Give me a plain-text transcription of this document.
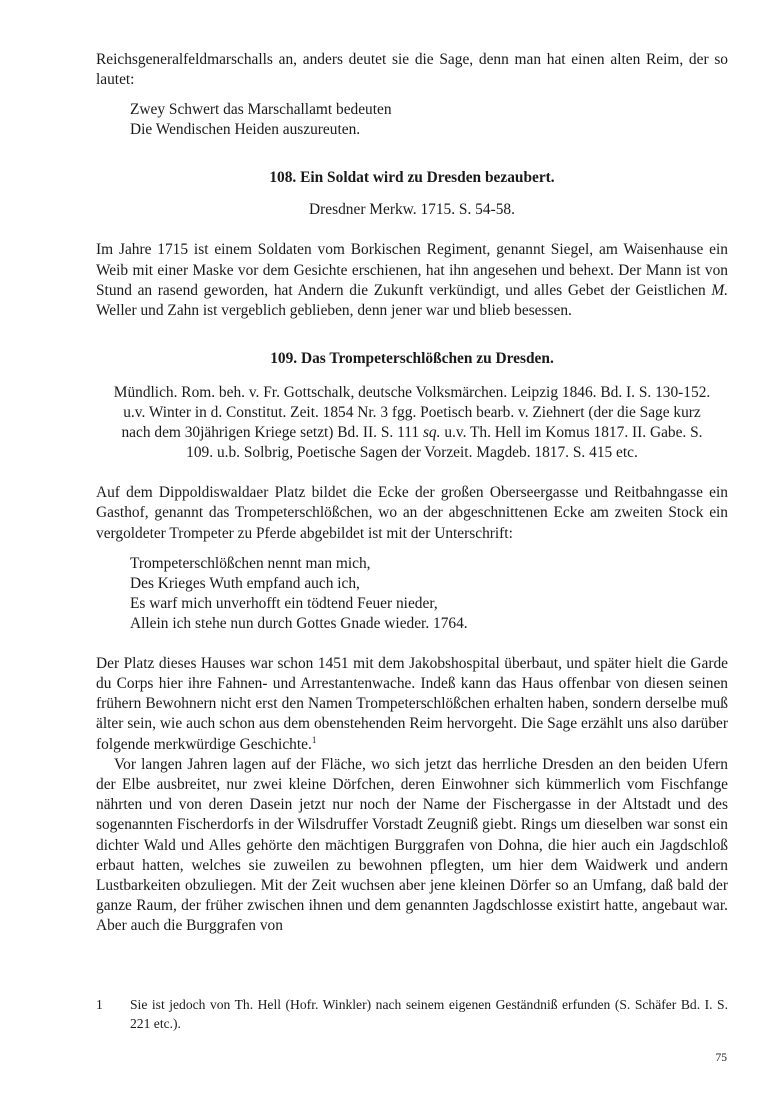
Reichsgeneralfeldmarschalls an, anders deutet sie die Sage, denn man hat einen alten Reim, der so lautet:

Zwey Schwert das Marschallamt bedeuten
Die Wendischen Heiden auszureuten.
108. Ein Soldat wird zu Dresden bezaubert.
Dresdner Merkw. 1715. S. 54-58.

Im Jahre 1715 ist einem Soldaten vom Borkischen Regiment, genannt Siegel, am Waisenhause ein Weib mit einer Maske vor dem Gesichte erschienen, hat ihn angesehen und behext. Der Mann ist von Stund an rasend geworden, hat Andern die Zukunft verkündigt, und alles Gebet der Geistlichen M. Weller und Zahn ist vergeblich geblieben, denn jener war und blieb besessen.

109. Das Trompeterschlößchen zu Dresden.
Mündlich. Rom. beh. v. Fr. Gottschalk, deutsche Volksmärchen. Leipzig 1846. Bd. I. S. 130-152. u.v. Winter in d. Constitut. Zeit. 1854 Nr. 3 fgg. Poetisch bearb. v. Ziehnert (der die Sage kurz nach dem 30jährigen Kriege setzt) Bd. II. S. 111 sq. u.v. Th. Hell im Komus 1817. II. Gabe. S. 109. u.b. Solbrig, Poetische Sagen der Vorzeit. Magdeb. 1817. S. 415 etc.

Auf dem Dippoldiswaldaer Platz bildet die Ecke der großen Oberseergasse und Reitbahngasse ein Gasthof, genannt das Trompeterschlößchen, wo an der abgeschnittenen Ecke am zweiten Stock ein vergoldeter Trompeter zu Pferde abgebildet ist mit der Unterschrift:

Trompeterschlößchen nennt man mich,
Des Krieges Wuth empfand auch ich,
Es warf mich unverhofft ein tödtend Feuer nieder,
Allein ich stehe nun durch Gottes Gnade wieder. 1764.

Der Platz dieses Hauses war schon 1451 mit dem Jakobshospital überbaut, und später hielt die Garde du Corps hier ihre Fahnen- und Arrestantenwache. Indeß kann das Haus offenbar von diesen seinen frühern Bewohnern nicht erst den Namen Trompeterschlößchen erhalten haben, sondern derselbe muß älter sein, wie auch schon aus dem obenstehenden Reim hervorgeht. Die Sage erzählt uns also darüber folgende merkwürdige Geschichte.$^1$

Vor langen Jahren lagen auf der Fläche, wo sich jetzt das herrliche Dresden an den beiden Ufern der Elbe ausbreitet, nur zwei kleine Dörfchen, deren Einwohner sich kümmerlich vom Fischfange nährten und von deren Dasein jetzt nur noch der Name der Fischergasse in der Altstadt und des sogenannten Fischerdorfs in der Wilsdruffer Vorstadt Zeugniß giebt. Rings um dieselben war sonst ein dichter Wald und Alles gehörte den mächtigen Burggrafen von Dohna, die hier auch ein Jagdschloß erbaut hatten, welches sie zuweilen zu bewohnen pflegten, um hier dem Waidwerk und andern Lustbarkeiten obzuliegen. Mit der Zeit wuchsen aber jene kleinen Dörfer so an Umfang, daß bald der ganze Raum, der früher zwischen ihnen und dem genannten Jagdschlosse existirt hatte, angebaut war. Aber auch die Burggrafen von

1	Sie ist jedoch von Th. Hell (Hofr. Winkler) nach seinem eigenen Geständniß erfunden (S. Schäfer Bd. I. S. 221 etc.).
75
